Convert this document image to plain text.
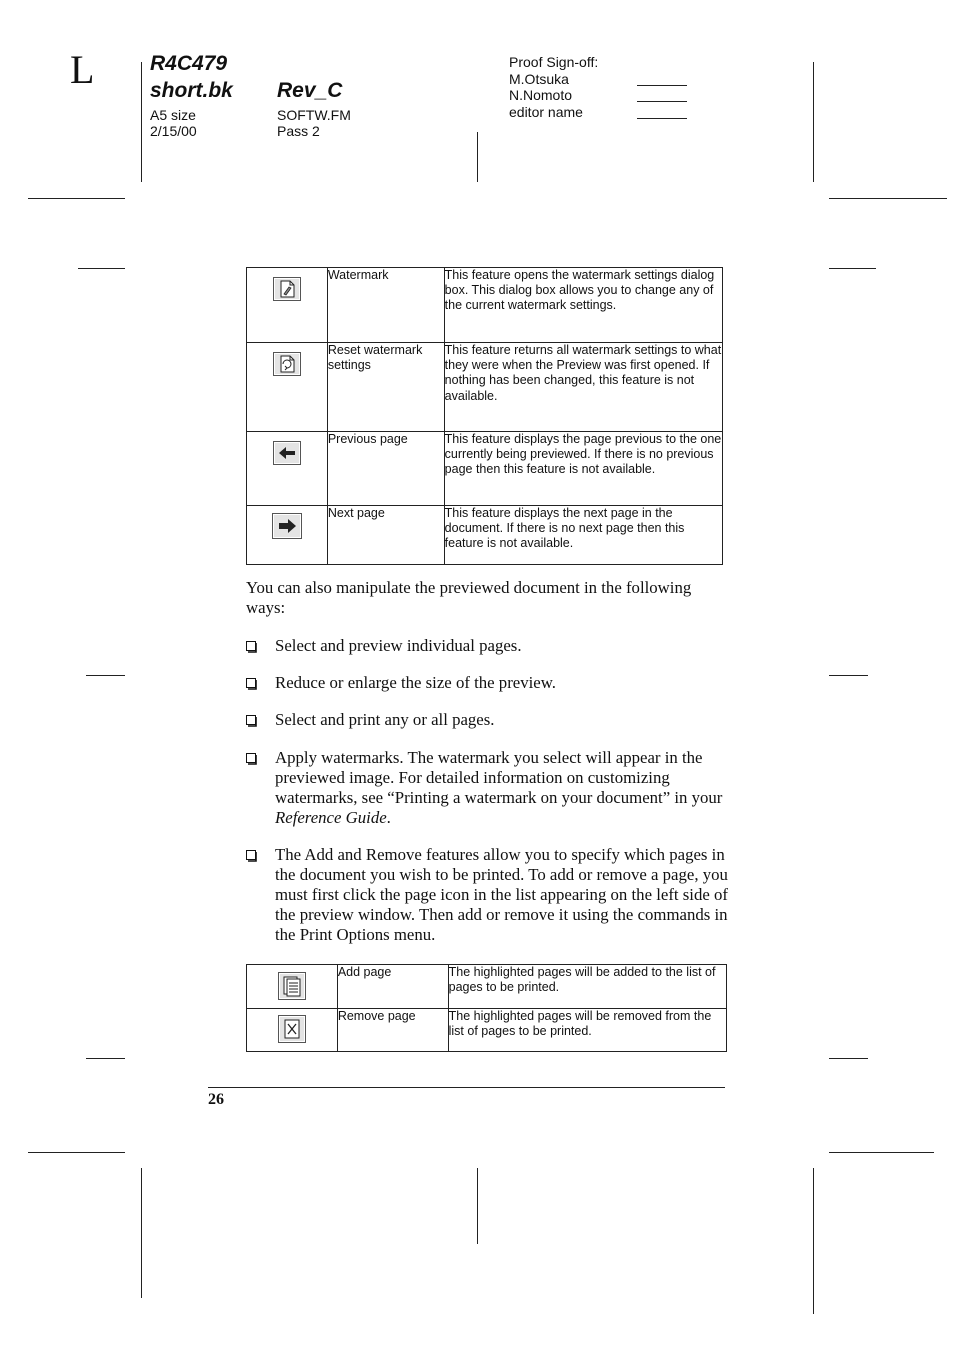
L	R4C479
short.bk Rev_C
A5 size
2/15/00
SOFTW.FM
Pass 2
Proof Sign-off:
M.Otsuka
N.Nomoto
editor name
	Watermark	This feature opens the watermark settings dialog box. This dialog box allows you to change any of the current watermark settings.

	Reset watermark settings	This feature returns all watermark settings to what they were when the Preview was first opened. If nothing has been changed, this feature is not available.

	Previous page	This feature displays the page previous to the one currently being previewed. If there is no previous page then this feature is not available.

	Next page	This feature displays the next page in the document. If there is no next page then this feature is not available.
You can also manipulate the previewed document in the following ways:
Select and preview individual pages.
Reduce or enlarge the size of the preview.
Select and print any or all pages.
Apply watermarks. The watermark you select will appear in the previewed image. For detailed information on customizing watermarks, see “Printing a watermark on your document” in your Reference Guide.
The Add and Remove features allow you to specify which pages in the document you wish to be printed. To add or remove a page, you must first click the page icon in the list appearing on the left side of the preview window. Then add or remove it using the commands in the Print Options menu.
	Add page	The highlighted pages will be added to the list of pages to be printed.

	Remove page	The highlighted pages will be removed from the list of pages to be printed.
26
